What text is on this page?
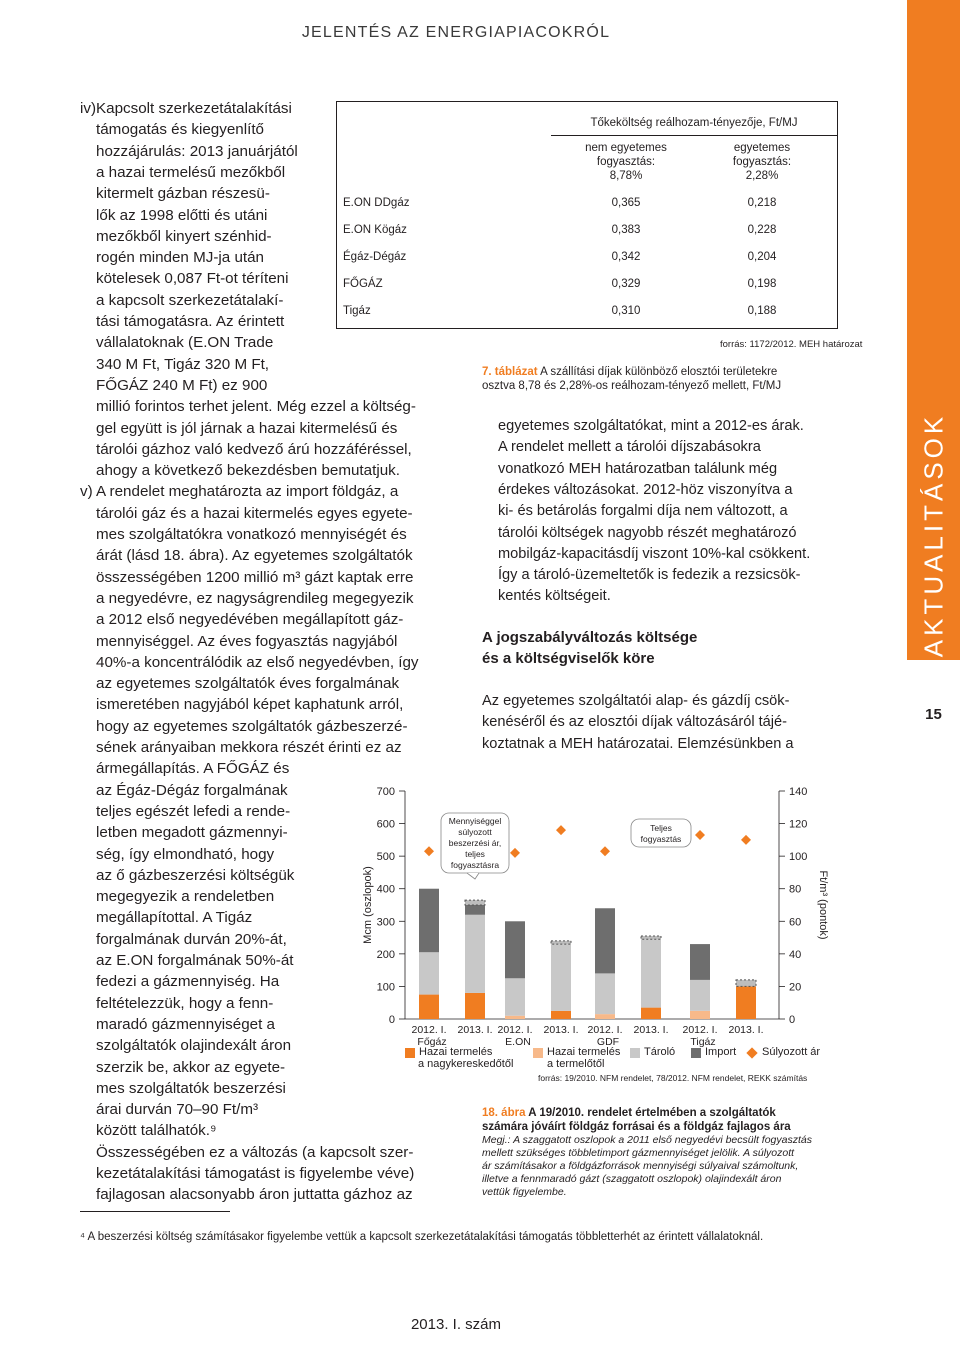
JELENTÉS AZ ENERGIAPIACOKRÓL
AKTUALITÁSOK
15
iv)Kapcsolt szerkezetátalakítási
támogatás és kiegyenlítő
hozzájárulás: 2013 januárjától
a hazai termelésű mezőkből
kitermelt gázban részesü-
lők az 1998 előtti és utáni
mezőkből kinyert szénhid-
rogén minden MJ-ja után
kötelesek 0,087 Ft-ot téríteni
a kapcsolt szerkezetátalakí-
tási támogatásra. Az érintett
vállalatoknak (E.ON Trade
340 M Ft, Tigáz 320 M Ft,
FŐGÁZ 240 M Ft) ez 900
millió forintos terhet jelent. Még ezzel a költség-
gel együtt is jól járnak a hazai kitermelésű és
tárolói gázhoz való kedvező árú hozzáféréssel,
ahogy a következő bekezdésben bemutatjuk.
v) A rendelet meghatározta az import földgáz, a
tárolói gáz és a hazai kitermelés egyes egyete-
mes szolgáltatókra vonatkozó mennyiségét és
árát (lásd 18. ábra). Az egyetemes szolgáltatók
összességében 1200 millió m³ gázt kaptak erre
a negyedévre, ez nagyságrendileg megegyezik
a 2012 első negyedévében megállapított gáz-
mennyiséggel. Az éves fogyasztás nagyjából
40%-a koncentrálódik az első negyedévben, így
az egyetemes szolgáltatók éves forgalmának
ismeretében nagyjából képet kaphatunk arról,
hogy az egyetemes szolgáltatók gázbeszerzé-
sének arányaiban mekkora részét érinti ez az
ármegállapítás. A FŐGÁZ és
az Égáz-Dégáz forgalmának
teljes egészét lefedi a rende-
letben megadott gázmennyi-
ség, így elmondható, hogy
az ő gázbeszerzési költségük
megegyezik a rendeletben
megállapítottal. A Tigáz
forgalmának durván 20%-át,
az E.ON forgalmának 50%-át
fedezi a gázmennyiség. Ha
feltételezzük, hogy a fenn-
maradó gázmennyiséget a
szolgáltatók olajindexált áron
szerzik be, akkor az egyete-
mes szolgáltatók beszerzési
árai durván 70–90 Ft/m³
között találhatók.⁹
Összességében ez a változás (a kapcsolt szer-
kezetátalakítási támogatást is figyelembe véve)
fajlagosan alacsonyabb áron juttatta gázhoz az
Tőkeköltség reálhozam-tényezője, Ft/MJ
nem egyetemes
fogyasztás:
8,78%
egyetemes
fogyasztás:
2,28%
E.ON DDgáz	0,365	0,218
E.ON Kögáz	0,383	0,228
Égáz-Dégáz	0,342	0,204
FŐGÁZ	0,329	0,198
Tigáz	0,310	0,188
forrás: 1172/2012. MEH határozat
7. táblázat A szállítási díjak különböző elosztói területekre
osztva 8,78 és 2,28%-os reálhozam-tényező mellett, Ft/MJ
egyetemes szolgáltatókat, mint a 2012-es árak.
A rendelet mellett a tárolói díjszabásokra
vonatkozó MEH határozatban találunk még
érdekes változásokat. 2012-höz viszonyítva a
ki- és betárolás forgalmi díja nem változott, a
tárolói költségek nagyobb részét meghatározó
mobilgáz-kapacitásdíj viszont 10%-kal csökkent.
Így a tároló-üzemeltetők is fedezik a rezsicsök-
kentés költségeit.
A jogszabályváltozás költsége
és a költségviselők köre
Az egyetemes szolgáltatói alap- és gázdíj csök-
kenéséről és az elosztói díjak változásáról tájé-
koztatnak a MEH határozatai. Elemzésünkben a
0
100
200
300
400
500
600
700
0
20
40
60
80
100
120
140
Mcm (oszlopok)	Ft/m³ (pontok)
2012. I. 2013. I.
Főgáz
2012. I. 2013. I.
E.ON
2012. I. 2013. I.
GDF
2012. I. 2013. I.
Tigáz
Mennyiséggel
súlyozott
beszerzési ár,
teljes
fogyasztásra
Teljes
fogyasztás
Hazai termelés
a nagykereskedőtől
Hazai termelés
a termelőtől
Tároló	Import Súlyozott ár
forrás: 19/2010. NFM rendelet, 78/2012. NFM rendelet, REKK számítás
18. ábra A 19/2010. rendelet értelmében a szolgáltatók
számára jóváírt földgáz forrásai és a földgáz fajlagos ára
Megj.: A szaggatott oszlopok a 2011 első negyedévi becsült fogyasztás
mellett szükséges többletimport gázmennyiséget jelölik. A súlyozott
ár számításakor a földgázforrások mennyiségi súlyaival számoltunk,
illetve a fennmaradó gázt (szaggatott oszlopok) olajindexált áron
vettük figyelembe.
⁴ A beszerzési költség számításakor figyelembe vettük a kapcsolt szerkezetátalakítási támogatás többletterhét az érintett vállalatoknál.
2013. I. szám
